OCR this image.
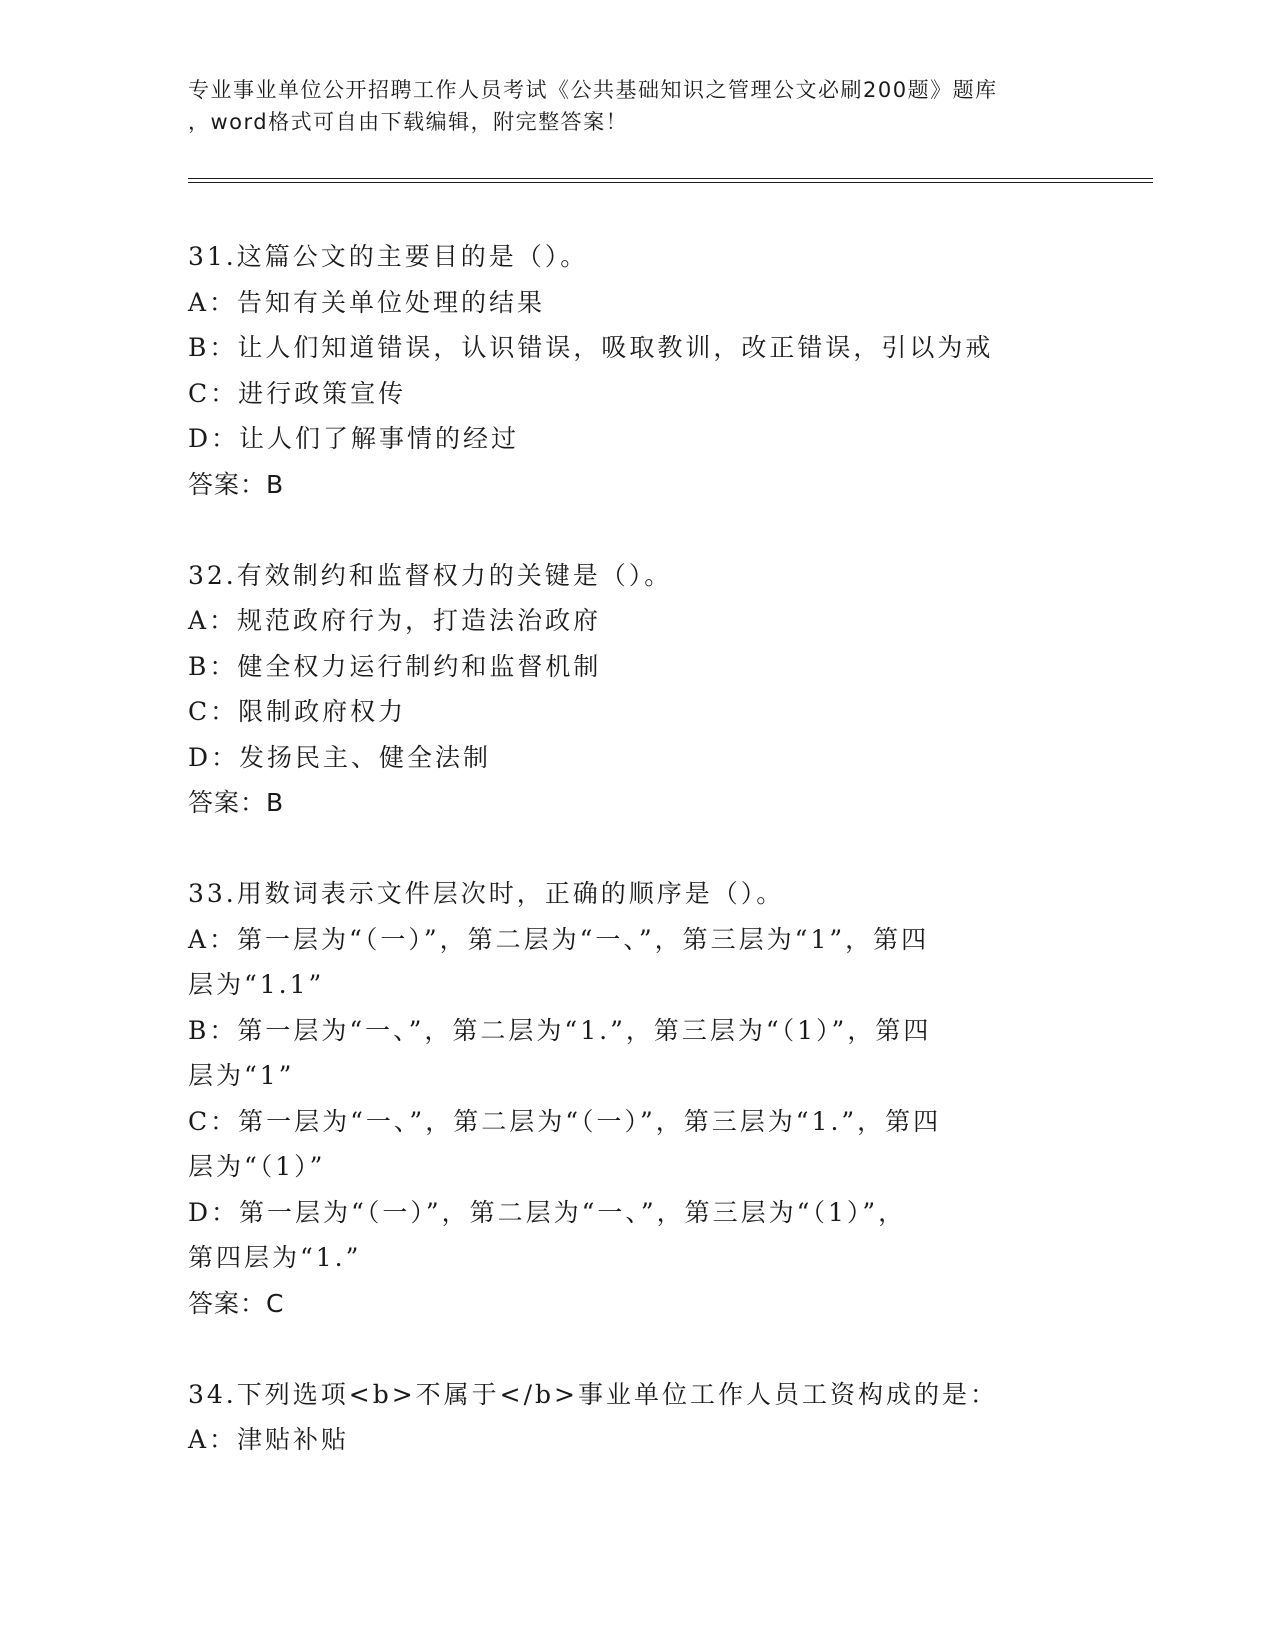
专业事业单位公开招聘工作人员考试《公共基础知识之管理公文必刷200题》题库
，word格式可自由下载编辑，附完整答案！
31.这篇公文的主要目的是（）。
A：告知有关单位处理的结果
B：让人们知道错误，认识错误，吸取教训，改正错误，引以为戒
C：进行政策宣传
D：让人们了解事情的经过
答案：B
32.有效制约和监督权力的关键是（）。
A：规范政府行为，打造法治政府
B：健全权力运行制约和监督机制
C：限制政府权力
D：发扬民主、健全法制
答案：B
33.用数词表示文件层次时，正确的顺序是（）。
A：第一层为“（一）”，第二层为“一、”，第三层为“1”，第四
层为“1.1”
B：第一层为“一、”，第二层为“1.”，第三层为“（1）”，第四
层为“1”
C：第一层为“一、”，第二层为“（一）”，第三层为“1.”，第四
层为“（1）”
D：第一层为“（一）”，第二层为“一、”，第三层为“（1）”，
第四层为“1.”
答案：C
34.下列选项<b>不属于</b>事业单位工作人员工资构成的是：
A：津贴补贴
